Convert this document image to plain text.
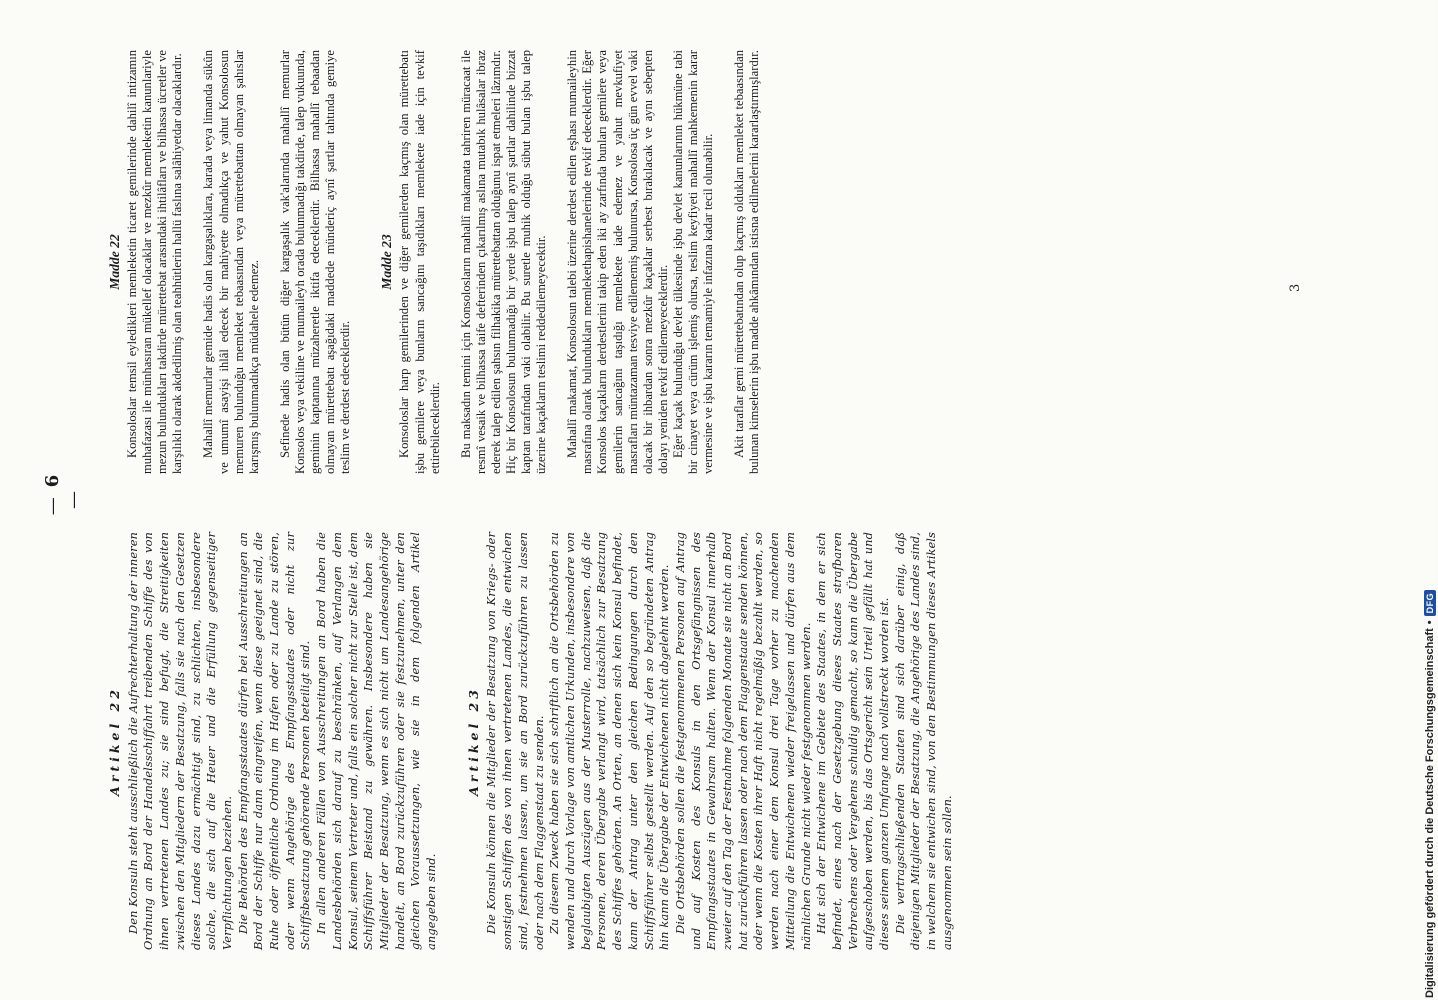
—6—
Artikel 22 Den Konsuln steht ausschließlich die Aufrechterhaltung der inneren Ordnung an Bord der Handelsschiffahrt treibenden Schiffe des von ihnen vertretenen Landes zu; sie sind befugt, die Streitigkeiten zwischen den Mitgliedern der Besatzung, falls sie nach den Gesetzen dieses Landes dazu ermächtigt sind, zu schlichten, insbesondere solche, die sich auf die Heuer und die Erfüllung gegenseitiger Verpflichtungen beziehen. Die Behörden des Empfangsstaates dürfen bei Ausschreitungen an Bord der Schiffe nur dann eingreifen, wenn diese geeignet sind, die Ruhe oder öffentliche Ordnung im Hafen oder zu Lande zu stören, oder wenn Angehörige des Empfangsstaates oder nicht zur Schiffsbesatzung gehörende Personen beteiligt sind. In allen anderen Fällen von Ausschreitungen an Bord haben die Landesbehörden sich darauf zu beschränken, auf Verlangen dem Konsul, seinem Vertreter und, falls ein solcher nicht zur Stelle ist, dem Schiffsführer Beistand zu gewähren. Insbesondere haben sie Mitglieder der Besatzung, wenn es sich nicht um Landesangehörige handelt, an Bord zurückzuführen oder sie festzunehmen, unter den gleichen Voraussetzungen, wie sie in dem folgenden Artikel angegeben sind.

Artikel 23 Die Konsuln können die Mitglieder der Besatzung von Kriegs- oder sonstigen Schiffen des von ihnen vertretenen Landes, die entwichen sind, festnehmen lassen, um sie an Bord zurückzuführen zu lassen oder nach dem Flaggenstaat zu senden. Zu diesem Zweck haben sie sich schriftlich an die Ortsbehörden zu wenden und durch Vorlage von amtlichen Urkunden, insbesondere von beglaubigten Auszügen aus der Musterrolle, nachzuweisen, daß die Personen, deren Übergabe verlangt wird, tatsächlich zur Besatzung des Schiffes gehörten. An Orten, an denen sich kein Konsul befindet, kann der Antrag unter den gleichen Bedingungen durch den Schiffsführer selbst gestellt werden. Auf den so begründeten Antrag hin kann die Übergabe der Entwichenen nicht abgelehnt werden. Die Ortsbehörden sollen die festgenommenen Personen auf Antrag und auf Kosten des Konsuls in den Ortsgefängnissen des Empfangsstaates in Gewahrsam halten. Wenn der Konsul innerhalb zweier auf den Tag der Festnahme folgenden Monate sie nicht an Bord hat zurückführen lassen oder nach dem Flaggenstaate senden können, oder wenn die Kosten ihrer Haft nicht regelmäßig bezahlt werden, so werden nach einer dem Konsul drei Tage vorher zu machenden Mitteilung die Entwichenen wieder freigelassen und dürfen aus dem nämlichen Grunde nicht wieder festgenommen werden. Hat sich der Entwichene im Gebiete des Staates, in dem er sich befindet, eines nach der Gesetzgebung dieses Staates strafbaren Verbrechens oder Vergehens schuldig gemacht, so kann die Übergabe aufgeschoben werden, bis das Ortsgericht sein Urteil gefällt hat und dieses seinem ganzen Umfange nach vollstreckt worden ist. Die vertragschließenden Staaten sind sich darüber einig, daß diejenigen Mitglieder der Besatzung, die Angehörige des Landes sind, in welchem sie entwichen sind, von den Bestimmungen dieses Artikels ausgenommen sein sollen.

Madde 22 Konsoloslar temsil eyledikleri memleketin ticaret gemilerinde dahilî intizamın muhafazası ile münhasıran mükellef olacaklar ve mezkûr memleketin kanunlariyle mezun bulundukları takdirde mürettebat arasındaki ihtilâfları ve bilhassa ücretler ve karşılıklı olarak akdedilmiş olan teahhütlerin hallü faslına salâhiyetdar olacaklardır. Mahallî memurlar gemide hadis olan kargaşalıklara, karada veya limanda sükûn ve umumî asayişi ihlâl edecek bir mahiyette olmadıkça ve yahut Konsolosun memuren bulunduğu memleket tebaasından veya mürettebattan olmayan şahıslar karışmış bulunmadıkça müdahele edemez. Sefinede hadis olan bütün diğer kargaşalık vak'alarında mahallî memurlar Konsolos veya vekiline ve mumaileyh orada bulunmadığı takdirde, talep vukuunda, geminin kaptanına müzaheretle iktifa edeceklerdir. Bilhassa mahallî tebaadan olmayan mürettebatı aşağıdaki maddede münderiç aynî şartlar tahtında gemiye teslim ve derdest edeceklerdir.

Madde 23 Konsoloslar harp gemilerinden ve diğer gemilerden kaçmış olan mürettebatı işbu gemilere veya bunların sancağını taşıdıkları memlekete iade için tevkif ettirebileceklerdir. Bu maksadın temini için Konsolosların mahallî makamata tahriren müracaat ile resmî vesaik ve bilhassa taife defterinden çıkarılmış aslına mutabık hulâsalar ibraz ederek talep edilen şahsın filhakika mürettebattan olduğunu ispat etmeleri lâzımdır. Hiç bir Konsolosun bulunmadığı bir yerde işbu talep aynî şartlar dahilinde bizzat kaptan tarafından vaki olabilir. Bu suretle muhik olduğu sübut bulan işbu talep üzerine kaçakların teslimi reddedilemeyecektir. Mahallî makamat, Konsolosun talebi üzerine derdest edilen eşhası mumaileyhin masrafına olarak bulundukları memlekethapishanelerinde tevkif edeceklerdir. Eğer Konsolos kaçakların derdestlerini takip eden iki ay zarfında bunları gemilere veya gemilerin sancağını taşıdığı memlekete iade edemez ve yahut mevkufiyet masrafları müntazaman tesviye edilememiş bulunursa, Konsolosa üç gün evvel vaki olacak bir ihbardan sonra mezkûr kaçaklar serbest bırakılacak ve aynı sebepten dolayı yeniden tevkif edilemeyeceklerdir. Eğer kaçak bulunduğu devlet ülkesinde işbu devlet kanunlarının hükmüne tabi bir cinayet veya cürüm işlemiş olursa, teslim keyfiyeti mahallî mahkemenin karar vermesine ve işbu kararın temamiyle infazına kadar tecil olunabilir. Akit taraflar gemi mürettebatından olup kaçmış oldukları memleket tebaasından bulunan kimselerin işbu madde ahkâmından istisna edilmelerini kararlaştırmışlardır.	3
Digitalisierung gefördert durch die Deutsche Forschungsgemeinschaft
•
DFG
